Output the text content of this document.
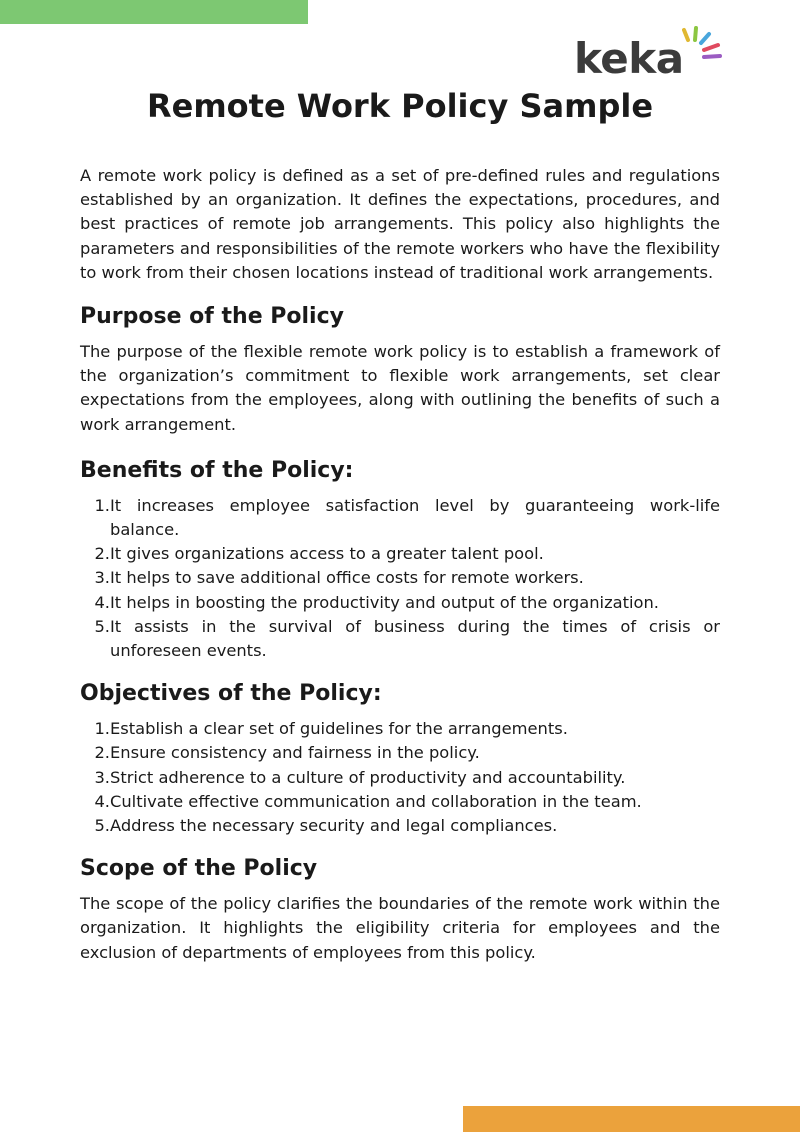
keka
Remote Work Policy Sample

A remote work policy is defined as a set of pre-defined rules and regulations established by an organization. It defines the expectations, procedures, and best practices of remote job arrangements. This policy also highlights the parameters and responsibilities of the remote workers who have the flexibility to work from their chosen locations instead of traditional work arrangements.

Purpose of the Policy

The purpose of the flexible remote work policy is to establish a framework of the organization’s commitment to flexible work arrangements, set clear expectations from the employees, along with outlining the benefits of such a work arrangement.

Benefits of the Policy:
1. It increases employee satisfaction level by guaranteeing work-life balance.
2. It gives organizations access to a greater talent pool.
3. It helps to save additional office costs for remote workers.
4. It helps in boosting the productivity and output of the organization.
5. It assists in the survival of business during the times of crisis or unforeseen events.
Objectives of the Policy:
1. Establish a clear set of guidelines for the arrangements.
2. Ensure consistency and fairness in the policy.
3. Strict adherence to a culture of productivity and accountability.
4. Cultivate effective communication and collaboration in the team.
5. Address the necessary security and legal compliances.
Scope of the Policy

The scope of the policy clarifies the boundaries of the remote work within the organization. It highlights the eligibility criteria for employees and the exclusion of departments of employees from this policy.
